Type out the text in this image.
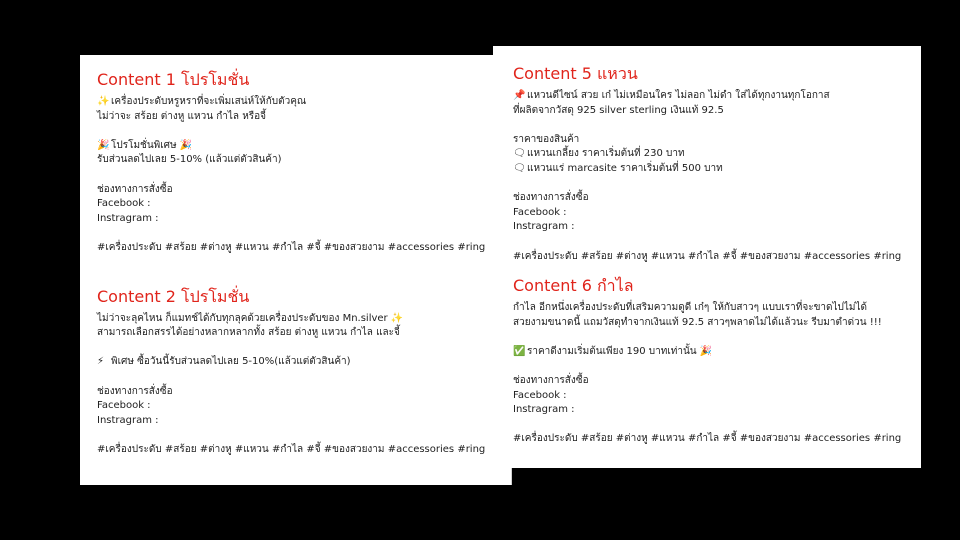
Content 1 โปรโมชั่น
✨ เครื่องประดับหรูหราที่จะเพิ่มเสน่ห์ให้กับตัวคุณ
ไม่ว่าจะ สร้อย ต่างหู แหวน กำไล หรือจี้
🎉 โปรโมชั่นพิเศษ 🎉
รับส่วนลดไปเลย 5-10% (แล้วแต่ตัวสินค้า)
ช่องทางการสั่งซื้อ
Facebook :
Instragram :
#เครื่องประดับ #สร้อย #ต่างหู #แหวน #กำไล #จี้ #ของสวยงาม #accessories #ring
Content 2 โปรโมชั่น
ไม่ว่าจะลุคไหน ก็แมทช์ได้กับทุกลุคด้วยเครื่องประดับของ Mn.silver ✨
สามารถเลือกสรรได้อย่างหลากหลากทั้ง สร้อย ต่างหู แหวน กำไล และจี้
⚡ พิเศษ ซื้อวันนี้รับส่วนลดไปเลย 5-10%(แล้วแต่ตัวสินค้า)
ช่องทางการสั่งซื้อ
Facebook :
Instragram :
#เครื่องประดับ #สร้อย #ต่างหู #แหวน #กำไล #จี้ #ของสวยงาม #accessories #ring
Content 5 แหวน
📌 แหวนดีไซน์ สวย เก๋ ไม่เหมือนใคร ไม่ลอก ไม่ดำ ใส่ได้ทุกงานทุกโอกาส
ที่ผลิตจากวัสดุ 925 silver sterling เงินแท้ 92.5
ราคาของสินค้า
🗨แหวนเกลี้ยง ราคาเริ่มต้นที่ 230 บาท
🗨แหวนแร่ marcasite ราคาเริ่มต้นที่ 500 บาท
ช่องทางการสั่งซื้อ
Facebook :
Instragram :
#เครื่องประดับ #สร้อย #ต่างหู #แหวน #กำไล #จี้ #ของสวยงาม #accessories #ring
Content 6 กำไล
กำไล อีกหนึ่งเครื่องประดับที่เสริมความดูดี เก๋ๆ ให้กับสาวๆ แบบเราที่จะขาดไปไม่ได้
สวยงามขนาดนี้ แถมวัสดุทำจากเงินแท้ 92.5 สาวๆพลาดไม่ได้แล้วนะ รีบมาตำด่วน !!!
✅ ราคาดีงามเริ่มต้นเพียง 190 บาทเท่านั้น 🎉
ช่องทางการสั่งซื้อ
Facebook :
Instragram :
#เครื่องประดับ #สร้อย #ต่างหู #แหวน #กำไล #จี้ #ของสวยงาม #accessories #ring
